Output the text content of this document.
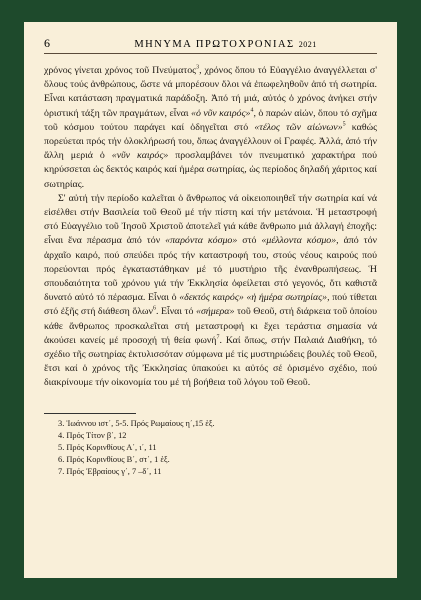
6	ΜΗΝΥΜΑ ΠΡΩΤΟΧΡΟΝΙΑΣ 2021

χρόνος γίνεται χρόνος τοῦ Πνεύματος$^3$, χρόνος ὅπου τό Εὐαγγέλιο ἀναγγέλλεται σ' ὅλους τούς ἀνθρώπους, ὥστε νά μπορέσουν ὅλοι νά ἐπωφεληθοῦν ἀπό τή σωτηρία. Εἶναι κατάσταση πραγματικά παράδοξη. Ἀπό τή μιά, αὐτός ὁ χρόνος ἀνήκει στήν ὁριστική τάξη τῶν πραγμάτων, εἶναι «ὁ νῦν καιρός»$^4$, ὁ παρών αἰών, ὅπου τό σχῆμα τοῦ κόσμου τούτου παράγει καί ὁδηγεῖται στό «τέλος τῶν αἰώνων»$^5$ καθώς πορεύεται πρός τήν ὁλοκλήρωσή του, ὅπως ἀναγγέλλουν οἱ Γραφές. Ἀλλά, ἀπό τήν ἄλλη μεριά ὁ «νῦν καιρός» προσλαμβάνει τόν πνευματικό χαρακτήρα πού κηρύσσεται ὡς δεκτός καιρός καί ἡμέρα σωτηρίας, ὡς περίοδος δηλαδή χάριτος καί σωτηρίας.

Σ' αὐτή τήν περίοδο καλεῖται ὁ ἄνθρωπος νά οἰκειοποιηθεῖ τήν σωτηρία καί νά εἰσέλθει στήν Βασιλεία τοῦ Θεοῦ μέ τήν πίστη καί τήν μετάνοια. Ἡ μεταστροφή στό Εὐαγγέλιο τοῦ Ἰησοῦ Χριστοῦ ἀποτελεῖ γιά κάθε ἄνθρωπο μιά ἀλλαγή ἐποχῆς: εἶναι ἕνα πέρασμα ἀπό τόν «παρόντα κόσμο» στό «μέλλοντα κόσμο», ἀπό τόν ἀρχαῖο καιρό, πού σπεύδει πρός τήν καταστροφή του, στούς νέους καιρούς πού πορεύονται πρός ἐγκαταστάθηκαν μέ τό μυστήριο τῆς ἐνανθρωπήσεως. Ἡ σπουδαιότητα τοῦ χρόνου γιά τήν Ἐκκλησία ὀφείλεται στό γεγονός, ὅτι καθιστᾶ δυνατό αὐτό τό πέρασμα. Εἶναι ὁ «δεκτός καιρός» «ἡ ἡμέρα σωτηρίας», πού τίθεται στό ἐξῆς στή διάθεση ὅλων$^6$. Εἶναι τό «σήμερα» τοῦ Θεοῦ, στή διάρκεια τοῦ ὁποίου κάθε ἄνθρωπος προσκαλεῖται στή μεταστροφή κι ἔχει τεράστια σημασία νά ἀκούσει κανείς μέ προσοχή τή θεία φωνή$^7$. Καί ὅπως, στήν Παλαιά Διαθήκη, τό σχέδιο τῆς σωτηρίας ἐκτυλισσόταν σύμφωνα μέ τίς μυστηριώδεις βουλές τοῦ Θεοῦ, ἔτσι καί ὁ χρόνος τῆς Ἐκκλησίας ὑπακούει κι αὐτός σέ ὁρισμένο σχέδιο, πού διακρίνουμε τήν οἰκονομία του μέ τή βοήθεια τοῦ λόγου τοῦ Θεοῦ.

3. Ἰωάννου ιστ΄, 5-5. Πρός Ρωμαίους η΄,15 ἑξ.
4. Πρός Τίτον β΄, 12
5. Πρός Κορινθίους Α΄, ι΄, 11
6. Πρός Κορινθίους Β΄, στ΄, 1 ἑξ.
7. Πρός Ἑβραίους γ΄, 7 –δ΄, 11
